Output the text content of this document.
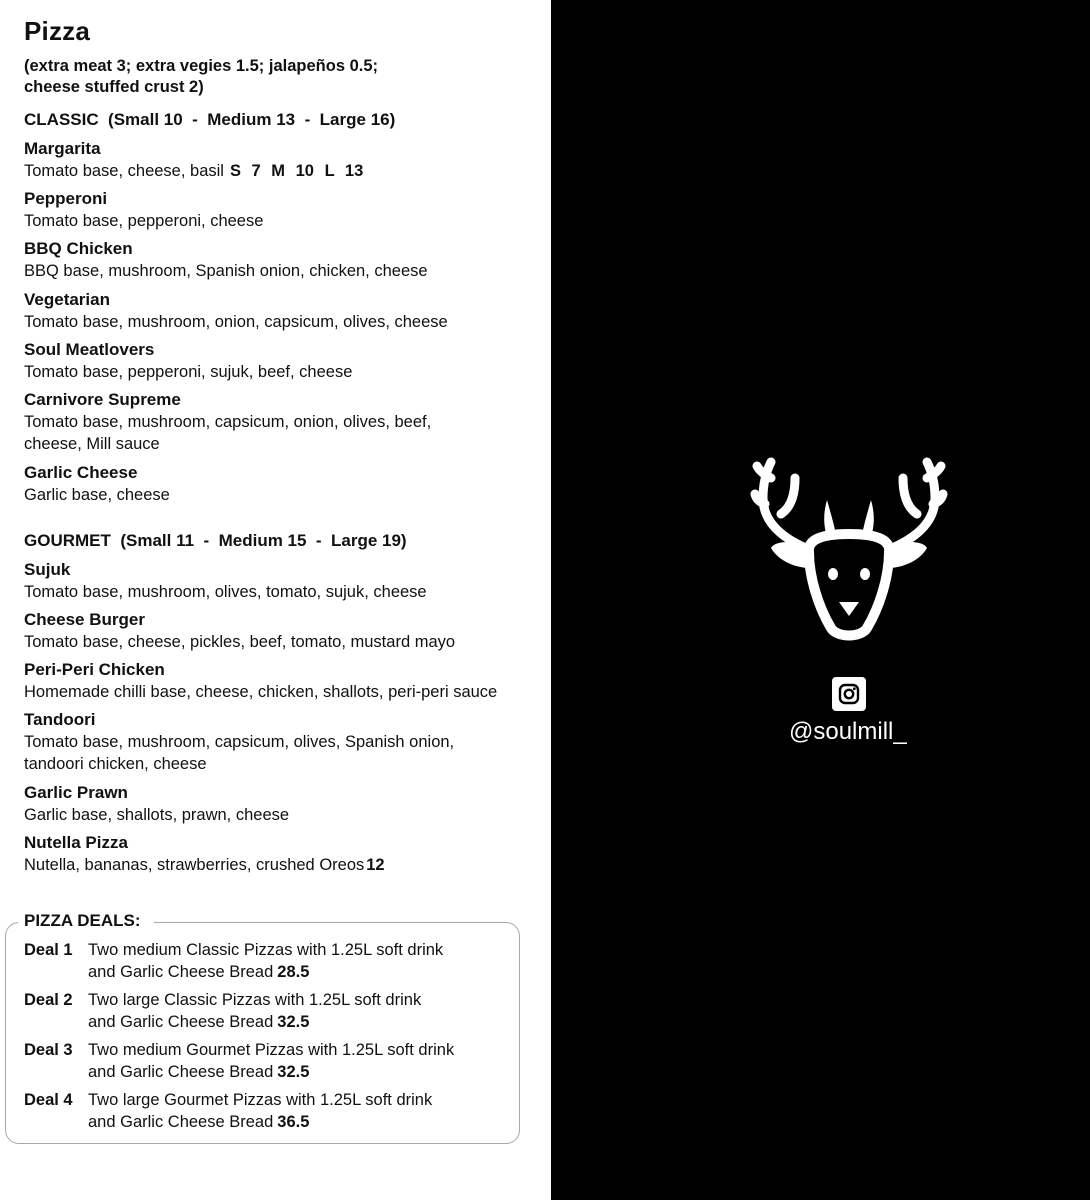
Pizza
(extra meat 3; extra vegies 1.5; jalapeños 0.5;
cheese stuffed crust 2)
CLASSIC  (Small 10  -  Medium 13  -  Large 16)
Margarita
Tomato base, cheese, basil S 7 M 10 L 13
Pepperoni
Tomato base, pepperoni, cheese
BBQ Chicken
BBQ base, mushroom, Spanish onion, chicken, cheese
Vegetarian
Tomato base, mushroom, onion, capsicum, olives, cheese
Soul Meatlovers
Tomato base, pepperoni, sujuk, beef, cheese
Carnivore Supreme
Tomato base, mushroom, capsicum, onion, olives, beef,
cheese, Mill sauce
Garlic Cheese
Garlic base, cheese
GOURMET  (Small 11  -  Medium 15  -  Large 19)
Sujuk
Tomato base, mushroom, olives, tomato, sujuk, cheese
Cheese Burger
Tomato base, cheese, pickles, beef, tomato, mustard mayo
Peri-Peri Chicken
Homemade chilli base, cheese, chicken, shallots, peri-peri sauce
Tandoori
Tomato base, mushroom, capsicum, olives, Spanish onion,
tandoori chicken, cheese
Garlic Prawn
Garlic base, shallots, prawn, cheese
Nutella Pizza
Nutella, bananas, strawberries, crushed Oreos 12
PIZZA DEALS:
Deal 1 Two medium Classic Pizzas with 1.25L soft drink
and Garlic Cheese Bread 28.5
Deal 2 Two large Classic Pizzas with 1.25L soft drink
and Garlic Cheese Bread 32.5
Deal 3 Two medium Gourmet Pizzas with 1.25L soft drink
and Garlic Cheese Bread 32.5
Deal 4 Two large Gourmet Pizzas with 1.25L soft drink
and Garlic Cheese Bread 36.5
@soulmill_
